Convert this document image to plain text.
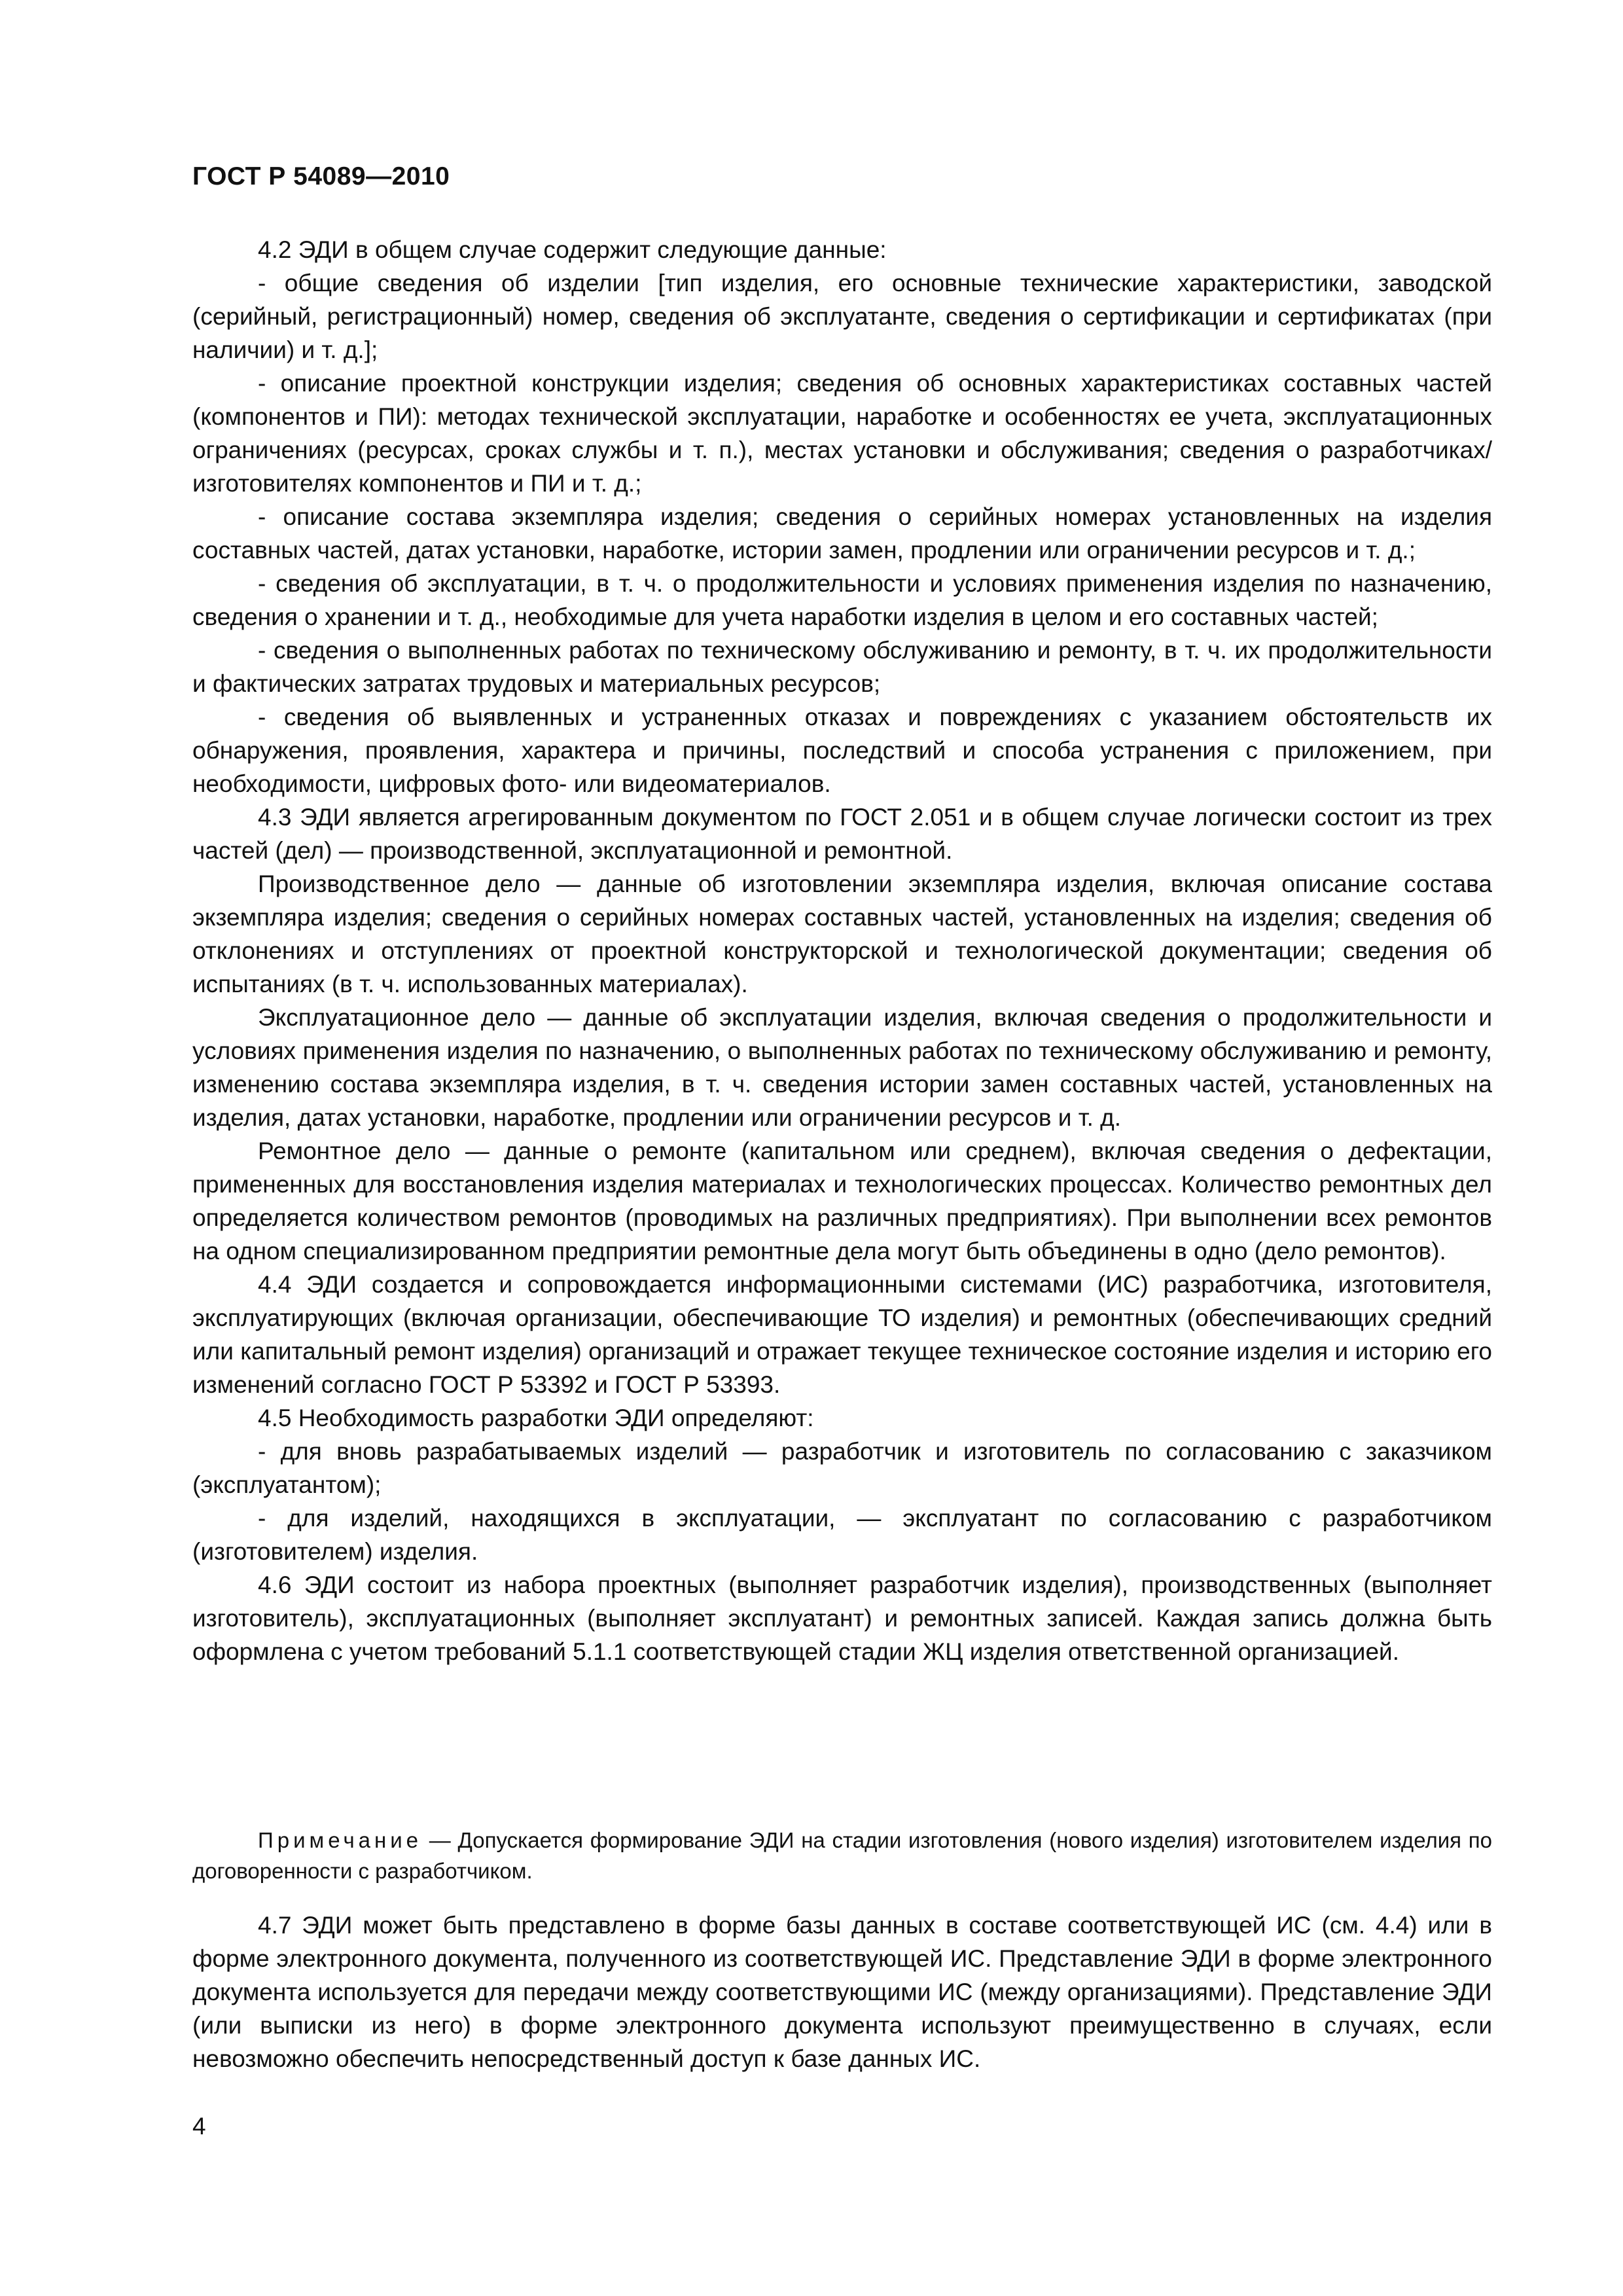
ГОСТ Р 54089—2010

4.2 ЭДИ в общем случае содержит следующие данные:

- общие сведения об изделии [тип изделия, его основные технические характеристики, заводской (серийный, регистрационный) номер, сведения об эксплуатанте, сведения о сертификации и сертификатах (при наличии) и т. д.];

- описание проектной конструкции изделия; сведения об основных характеристиках составных частей (компонентов и ПИ): методах технической эксплуатации, наработке и особенностях ее учета, эксплуатационных ограничениях (ресурсах, сроках службы и т. п.), местах установки и обслуживания; сведения о разработчиках/изготовителях компонентов и ПИ и т. д.;

- описание состава экземпляра изделия; сведения о серийных номерах установленных на изделия составных частей, датах установки, наработке, истории замен, продлении или ограничении ресурсов и т. д.;

- сведения об эксплуатации, в т. ч. о продолжительности и условиях применения изделия по назначению, сведения о хранении и т. д., необходимые для учета наработки изделия в целом и его составных частей;

- сведения о выполненных работах по техническому обслуживанию и ремонту, в т. ч. их продолжительности и фактических затратах трудовых и материальных ресурсов;

- сведения об выявленных и устраненных отказах и повреждениях с указанием обстоятельств их обнаружения, проявления, характера и причины, последствий и способа устранения с приложением, при необходимости, цифровых фото- или видеоматериалов.

4.3 ЭДИ является агрегированным документом по ГОСТ 2.051 и в общем случае логически состоит из трех частей (дел) — производственной, эксплуатационной и ремонтной.

Производственное дело — данные об изготовлении экземпляра изделия, включая описание состава экземпляра изделия; сведения о серийных номерах составных частей, установленных на изделия; сведения об отклонениях и отступлениях от проектной конструкторской и технологической документации; сведения об испытаниях (в т. ч. использованных материалах).

Эксплуатационное дело — данные об эксплуатации изделия, включая сведения о продолжительности и условиях применения изделия по назначению, о выполненных работах по техническому обслуживанию и ремонту, изменению состава экземпляра изделия, в т. ч. сведения истории замен составных частей, установленных на изделия, датах установки, наработке, продлении или ограничении ресурсов и т. д.

Ремонтное дело — данные о ремонте (капитальном или среднем), включая сведения о дефектации, примененных для восстановления изделия материалах и технологических процессах. Количество ремонтных дел определяется количеством ремонтов (проводимых на различных предприятиях). При выполнении всех ремонтов на одном специализированном предприятии ремонтные дела могут быть объединены в одно (дело ремонтов).

4.4 ЭДИ создается и сопровождается информационными системами (ИС) разработчика, изготовителя, эксплуатирующих (включая организации, обеспечивающие ТО изделия) и ремонтных (обеспечивающих средний или капитальный ремонт изделия) организаций и отражает текущее техническое состояние изделия и историю его изменений согласно ГОСТ Р 53392 и ГОСТ Р 53393.

4.5 Необходимость разработки ЭДИ определяют:

- для вновь разрабатываемых изделий — разработчик и изготовитель по согласованию с заказчиком (эксплуатантом);

- для изделий, находящихся в эксплуатации, — эксплуатант по согласованию с разработчиком (изготовителем) изделия.

4.6 ЭДИ состоит из набора проектных (выполняет разработчик изделия), производственных (выполняет изготовитель), эксплуатационных (выполняет эксплуатант) и ремонтных записей. Каждая запись должна быть оформлена с учетом требований 5.1.1 соответствующей стадии ЖЦ изделия ответственной организацией.

Примечание — Допускается формирование ЭДИ на стадии изготовления (нового изделия) изготовителем изделия по договоренности с разработчиком.

4.7 ЭДИ может быть представлено в форме базы данных в составе соответствующей ИС (см. 4.4) или в форме электронного документа, полученного из соответствующей ИС. Представление ЭДИ в форме электронного документа используется для передачи между соответствующими ИС (между организациями). Представление ЭДИ (или выписки из него) в форме электронного документа используют преимущественно в случаях, если невозможно обеспечить непосредственный доступ к базе данных ИС.

4
